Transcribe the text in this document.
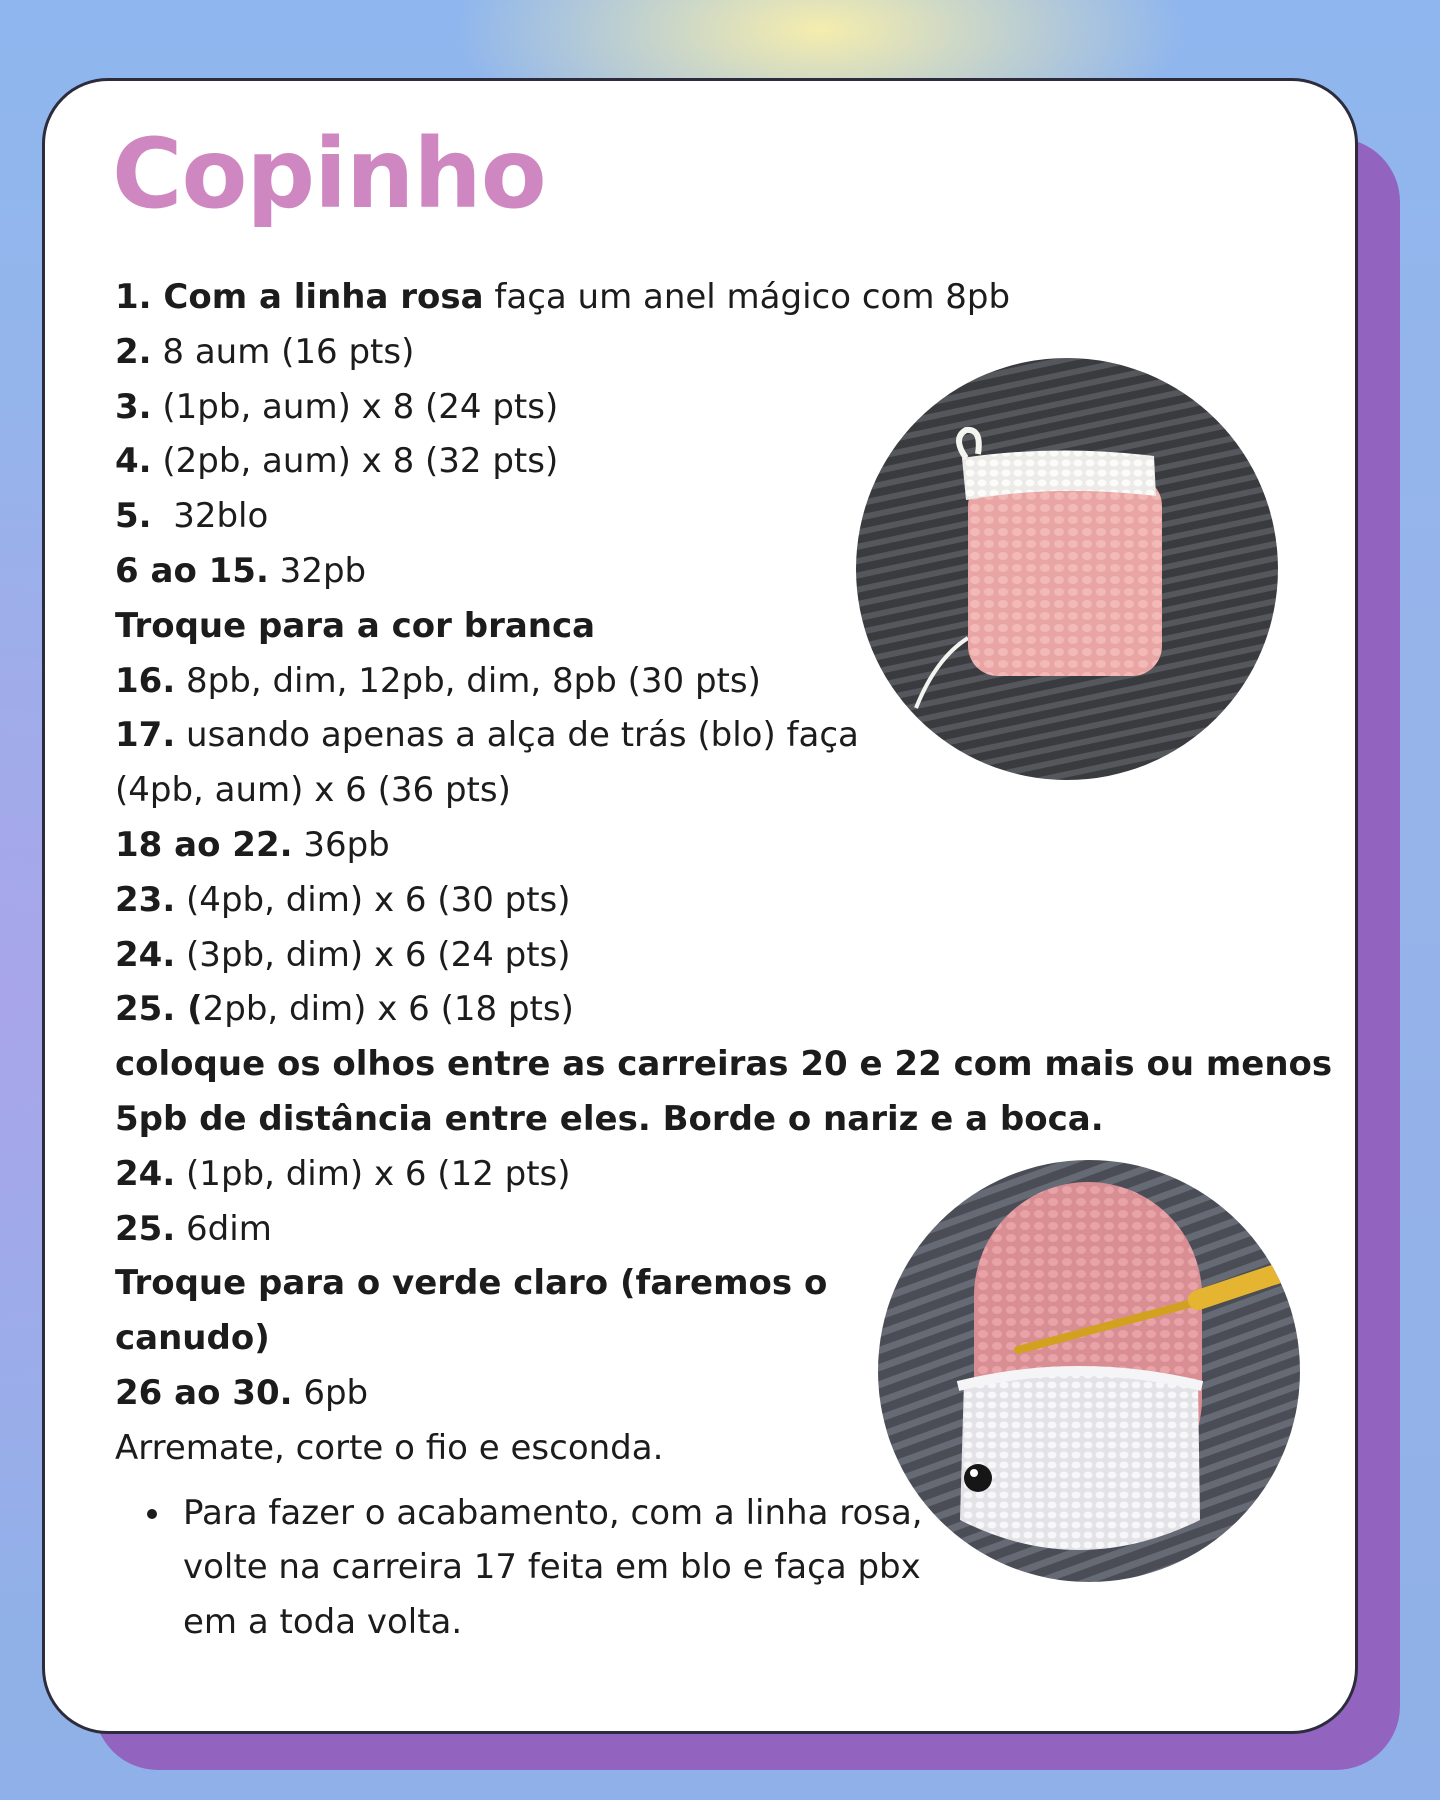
Copinho
1. Com a linha rosa faça um anel mágico com 8pb
2. 8 aum (16 pts)
3. (1pb, aum) x 8 (24 pts)
4. (2pb, aum) x 8 (32 pts)
5.  32blo
6 ao 15. 32pb
Troque para a cor branca
16. 8pb, dim, 12pb, dim, 8pb (30 pts)
17. usando apenas a alça de trás (blo) faça
(4pb, aum) x 6 (36 pts)
18 ao 22. 36pb
23. (4pb, dim) x 6 (30 pts)
24. (3pb, dim) x 6 (24 pts)
25. (2pb, dim) x 6 (18 pts)
coloque os olhos entre as carreiras 20 e 22 com mais ou menos
5pb de distância entre eles. Borde o nariz e a boca.
24. (1pb, dim) x 6 (12 pts)
25. 6dim
Troque para o verde claro (faremos o
canudo)
26 ao 30. 6pb
Arremate, corte o fio e esconda.
Para fazer o acabamento, com a linha rosa, volte na carreira 17 feita em blo e faça pbx em a toda volta.
